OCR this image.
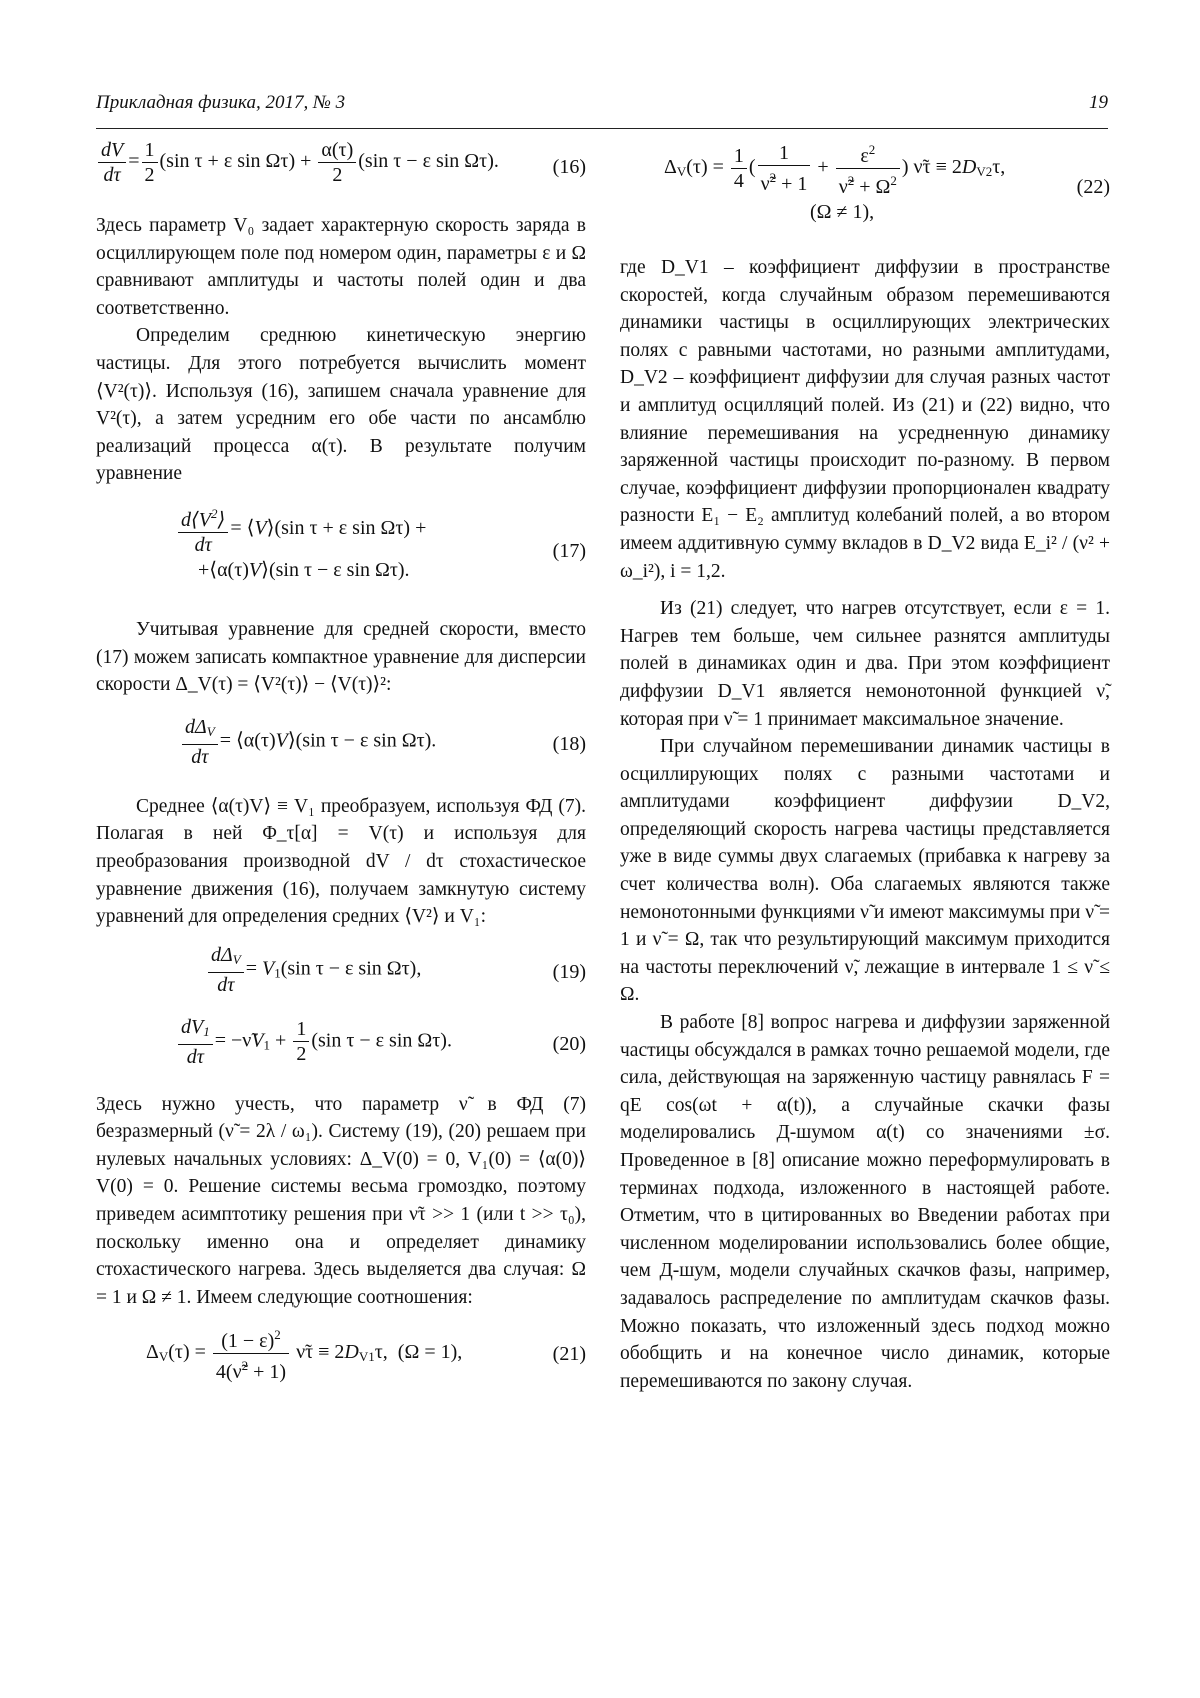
Прикладная физика, 2017, № 3	19
$\frac{dV}{d\tau} = \frac{1}{2} (\sin$ τ + ε $\sin \Omega\tau) + \frac{\alpha(\tau)}{2} (\sin$ τ − ε sin Ωτ).	(16)

Здесь параметр V₀ задает характерную скорость заряда в осциллирующем поле под номером один, параметры ε и Ω сравнивают амплитуды и частоты полей один и два соответственно.

Определим среднюю кинетическую энергию частицы. Для этого потребуется вычислить момент ⟨V²(τ)⟩. Используя (16), запишем сначала уравнение для V²(τ), а затем усредним его обе части по ансамблю реализаций процесса α(τ). В результате получим уравнение

$\frac{d⟨V^2⟩}{d\tau}$ = ⟨V⟩(sin τ + ε sin Ωτ) +
+⟨α(τ)V⟩(sin τ − ε sin Ωτ).
(17)

Учитывая уравнение для средней скорости, вместо (17) можем записать компактное уравнение для дисперсии скорости Δ_V(τ) = ⟨V²(τ)⟩ − ⟨V(τ)⟩²:

$\frac{d\Delta_V}{d\tau}$ = ⟨α(τ)V⟩(sin τ − ε sin Ωτ).	(18)

Среднее ⟨α(τ)V⟩ ≡ V₁ преобразуем, используя ФД (7). Полагая в ней Φ_τ[α] = V(τ) и используя для преобразования производной dV / dτ стохастическое уравнение движения (16), получаем замкнутую систему уравнений для определения средних ⟨V²⟩ и V₁:

$\frac{d\Delta_V}{d\tau} = V_1(\sin$ τ − ε sin Ωτ),	(19)
$\frac{dV_1}{d\tau}$ = $-\nũV_1 + \frac{1}{2} (\sin$ τ − ε sin Ωτ).	(20)

Здесь нужно учесть, что параметр ν̃ в ФД (7) безразмерный (ν̃ = 2λ / ω₁). Систему (19), (20) решаем при нулевых начальных условиях: Δ_V(0) = 0, V₁(0) = ⟨α(0)⟩V(0) = 0. Решение системы весьма громоздко, поэтому приведем асимптотику решения при ν̃τ >> 1 (или t >> τ₀), поскольку именно она и определяет динамику стохастического нагрева. Здесь выделяется два случая: Ω = 1 и Ω ≠ 1. Имеем следующие соотношения:

$\Delta_V(\tau) = \frac{(1 - \varepsilon)^2}{4(\nũ^2 + 1)}$ ν̃τ ≡ $2D_{V1}\tau$,  (Ω = 1),	(21)
$\Delta_V(\tau) = \frac{1}{4}$ ( $\frac{1}{\nũ^2 + 1} + \frac{\varepsilon^2}{\nũ^2 + \Omega^2}$ ) ν̃τ ≡ $2D_{V2}\tau$,
(Ω ≠ 1),
(22)

где D_V1 – коэффициент диффузии в пространстве скоростей, когда случайным образом перемешиваются динамики частицы в осциллирующих электрических полях с равными частотами, но разными амплитудами, D_V2 – коэффициент диффузии для случая разных частот и амплитуд осцилляций полей. Из (21) и (22) видно, что влияние перемешивания на усредненную динамику заряженной частицы происходит по-разному. В первом случае, коэффициент диффузии пропорционален квадрату разности E₁ − E₂ амплитуд колебаний полей, а во втором имеем аддитивную сумму вкладов в D_V2 вида E_i² / (ν² + ω_i²), i = 1,2.

Из (21) следует, что нагрев отсутствует, если ε = 1. Нагрев тем больше, чем сильнее разнятся амплитуды полей в динамиках один и два. При этом коэффициент диффузии D_V1 является немонотонной функцией ν̃, которая при ν̃ = 1 принимает максимальное значение.

При случайном перемешивании динамик частицы в осциллирующих полях с разными частотами и амплитудами коэффициент диффузии D_V2, определяющий скорость нагрева частицы представляется уже в виде суммы двух слагаемых (прибавка к нагреву за счет количества волн). Оба слагаемых являются также немонотонными функциями ν̃ и имеют максимумы при ν̃ = 1 и ν̃ = Ω, так что результирующий максимум приходится на частоты переключений ν̃, лежащие в интервале 1 ≤ ν̃ ≤ Ω.

В работе [8] вопрос нагрева и диффузии заряженной частицы обсуждался в рамках точно решаемой модели, где сила, действующая на заряженную частицу равнялась F = qE cos(ωt + α(t)), а случайные скачки фазы моделировались Д-шумом α(t) со значениями ±σ. Проведенное в [8] описание можно переформулировать в терминах подхода, изложенного в настоящей работе. Отметим, что в цитированных во Введении работах при численном моделировании использовались более общие, чем Д-шум, модели случайных скачков фазы, например, задавалось распределение по амплитудам скачков фазы. Можно показать, что изложенный здесь подход можно обобщить и на конечное число динамик, которые перемешиваются по закону случая.
